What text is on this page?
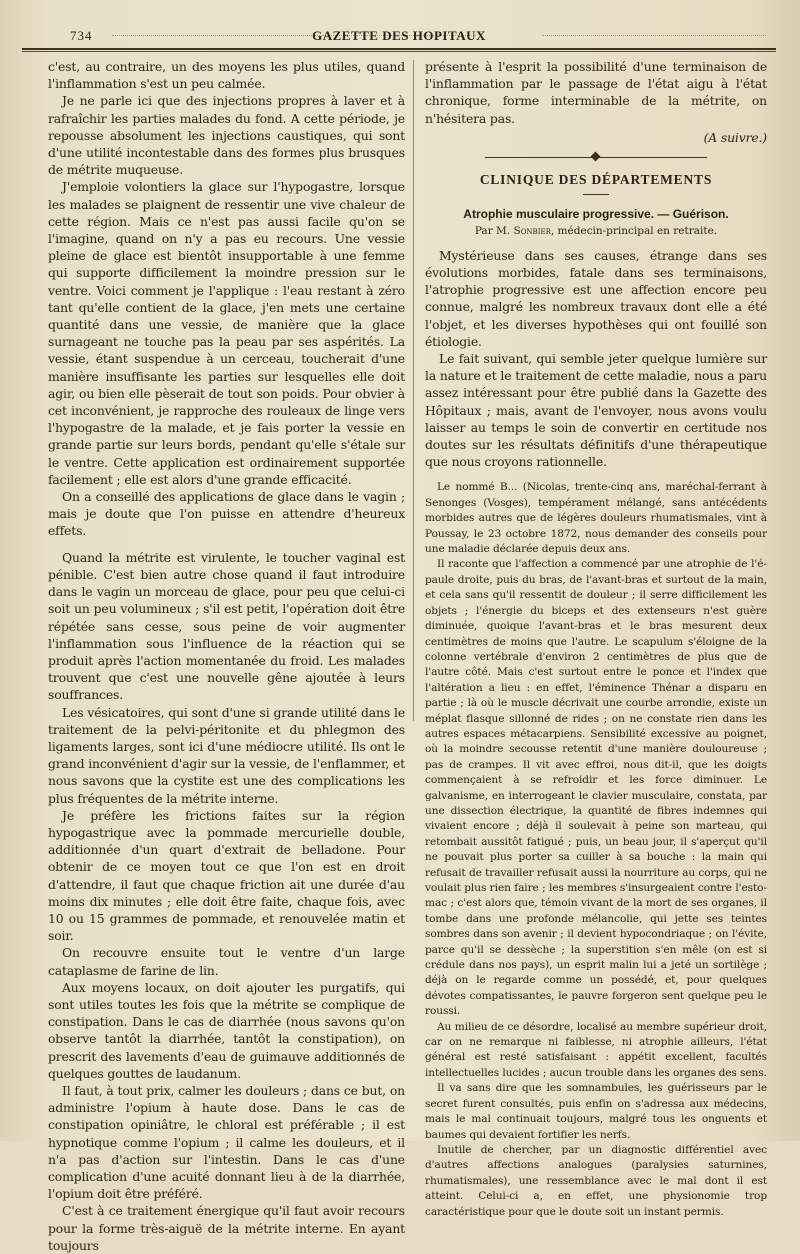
734	GAZETTE DES HOPITAUX

c'est, au contraire, un des moyens les plus utiles, quand l'inflammation s'est un peu calmée.

Je ne parle ici que des injections propres à laver et à rafraîchir les parties malades du fond. A cette période, je repousse absolument les injections caustiques, qui sont d'une utilité incontestable dans des formes plus brusques de métrite muqueuse.

J'emploie volontiers la glace sur l'hypogastre, lorsque les malades se plaignent de ressentir une vive chaleur de cette région. Mais ce n'est pas aussi facile qu'on se l'imagine, quand on n'y a pas eu recours. Une vessie pleine de glace est bientôt insupportable à une femme qui supporte difficilement la moindre pression sur le ventre. Voici comment je l'applique : l'eau restant à zéro tant qu'elle contient de la glace, j'en mets une certaine quantité dans une vessie, de manière que la glace surnageant ne touche pas la peau par ses aspérités. La vessie, étant suspendue à un cerceau, toucherait d'une manière insuffisante les parties sur lesquelles elle doit agir, ou bien elle pèserait de tout son poids. Pour obvier à cet inconvénient, je rapproche des rouleaux de linge vers l'hypogastre de la malade, et je fais porter la vessie en grande partie sur leurs bords, pendant qu'elle s'étale sur le ventre. Cette application est ordinairement supportée facilement ; elle est alors d'une grande efficacité.

On a conseillé des applications de glace dans le vagin ; mais je doute que l'on puisse en attendre d'heureux effets.

Quand la métrite est virulente, le toucher vaginal est pénible. C'est bien autre chose quand il faut introduire dans le vagin un morceau de glace, pour peu que celui-ci soit un peu volumineux ; s'il est petit, l'opération doit être répétée sans cesse, sous peine de voir augmenter l'inflammation sous l'influence de la réaction qui se produit après l'action momentanée du froid. Les malades trouvent que c'est une nouvelle gêne ajoutée à leurs souffrances.

Les vésicatoires, qui sont d'une si grande utilité dans le traitement de la pelvi-péritonite et du phlegmon des ligaments larges, sont ici d'une médiocre utilité. Ils ont le grand inconvénient d'agir sur la vessie, de l'enflammer, et nous savons que la cystite est une des complications les plus fréquentes de la métrite interne.

Je préfère les frictions faites sur la région hypogastrique avec la pommade mercurielle double, additionnée d'un quart d'extrait de belladone. Pour obtenir de ce moyen tout ce que l'on est en droit d'attendre, il faut que chaque friction ait une durée d'au moins dix minutes ; elle doit être faite, chaque fois, avec 10 ou 15 grammes de pommade, et renouvelée matin et soir.

On recouvre ensuite tout le ventre d'un large cataplasme de farine de lin.

Aux moyens locaux, on doit ajouter les purgatifs, qui sont utiles toutes les fois que la métrite se complique de constipation. Dans le cas de diarrhée (nous savons qu'on observe tantôt la diarrhée, tantôt la constipation), on prescrit des lavements d'eau de guimauve additionnés de quelques gouttes de laudanum.

Il faut, à tout prix, calmer les douleurs ; dans ce but, on administre l'opium à haute dose. Dans le cas de constipation opiniâtre, le chloral est préférable ; il est hypnotique comme l'opium ; il calme les douleurs, et il n'a pas d'action sur l'intestin. Dans le cas d'une complication d'une acuité donnant lieu à de la diarrhée, l'opium doit être préféré.

C'est à ce traitement énergique qu'il faut avoir recours pour la forme très-aiguë de la métrite interne. En ayant toujours

présente à l'esprit la possibilité d'une terminaison de l'inflammation par le passage de l'état aigu à l'état chronique, forme interminable de la métrite, on n'hésitera pas.

(A suivre.)
CLINIQUE DES DÉPARTEMENTS
Atrophie musculaire progressive. — Guérison.
Par M. Sonbier, médecin-principal en retraite.

Mystérieuse dans ses causes, étrange dans ses évolutions morbides, fatale dans ses terminaisons, l'atrophie progressive est une affection encore peu connue, malgré les nombreux travaux dont elle a été l'objet, et les diverses hypothèses qui ont fouillé son étiologie.

Le fait suivant, qui semble jeter quelque lumière sur la nature et le traitement de cette maladie, nous a paru assez intéressant pour être publié dans la Gazette des Hôpitaux ; mais, avant de l'envoyer, nous avons voulu laisser au temps le soin de convertir en certitude nos doutes sur les résultats définitifs d'une thérapeutique que nous croyons rationnelle.

Le nommé B... (Nicolas, trente-cinq ans, maréchal-ferrant à Senonges (Vosges), tempérament mélangé, sans antécédents morbides autres que de légères douleurs rhumatismales, vint à Poussay, le 23 octobre 1872, nous demander des conseils pour une maladie déclarée depuis deux ans.

Il raconte que l'affection a commencé par une atrophie de l'épaule droite, puis du bras, de l'avant-bras et surtout de la main, et cela sans qu'il ressentit de douleur ; il serre difficilement les objets ; l'énergie du biceps et des extenseurs n'est guère diminuée, quoique l'avant-bras et le bras mesurent deux centimètres de moins que l'autre. Le scapulum s'éloigne de la colonne vertébrale d'environ 2 centimètres de plus que de l'autre côté. Mais c'est surtout entre le ponce et l'index que l'altération a lieu : en effet, l'éminence Thénar a disparu en partie ; là où le muscle décrivait une courbe arrondie, existe un méplat flasque sillonné de rides ; on ne constate rien dans les autres espaces métacarpiens. Sensibilité excessive au poignet, où la moindre secousse retentit d'une manière douloureuse ; pas de crampes. Il vit avec effroi, nous dit-il, que les doigts commençaient à se refroidir et les force diminuer. Le galvanisme, en interrogeant le clavier musculaire, constata, par une dissection électrique, la quantité de fibres indemnes qui vivaient encore ; déjà il soulevait à peine son marteau, qui retombait aussitôt fatigué ; puis, un beau jour, il s'aperçut qu'il ne pouvait plus porter sa cuiller à sa bouche : la main qui refusait de travailler refusait aussi la nourriture au corps, qui ne voulait plus rien faire ; les membres s'insurgeaient contre l'estomac ; c'est alors que, témoin vivant de la mort de ses organes, il tombe dans une profonde mélancolie, qui jette ses teintes sombres dans son avenir ; il devient hypocondriaque ; on l'évite, parce qu'il se dessèche ; la superstition s'en mêle (on est si crédule dans nos pays), un esprit malin lui a jeté un sortilège ; déjà on le regarde comme un possédé, et, pour quelques dévotes compatissantes, le pauvre forgeron sent quelque peu le roussi.

Au milieu de ce désordre, localisé au membre supérieur droit, car on ne remarque ni faiblesse, ni atrophie ailleurs, l'état général est resté satisfaisant : appétit excellent, facultés intellectuelles lucides ; aucun trouble dans les organes des sens.

Il va sans dire que les somnambules, les guérisseurs par le secret furent consultés, puis enfin on s'adressa aux médecins, mais le mal continuait toujours, malgré tous les onguents et baumes qui devaient fortifier les nerfs.

Inutile de chercher, par un diagnostic différentiel avec d'autres affections analogues (paralysies saturnines, rhumatismales), une ressemblance avec le mal dont il est atteint. Celui-ci a, en effet, une physionomie trop caractéristique pour que le doute soit un instant permis.
